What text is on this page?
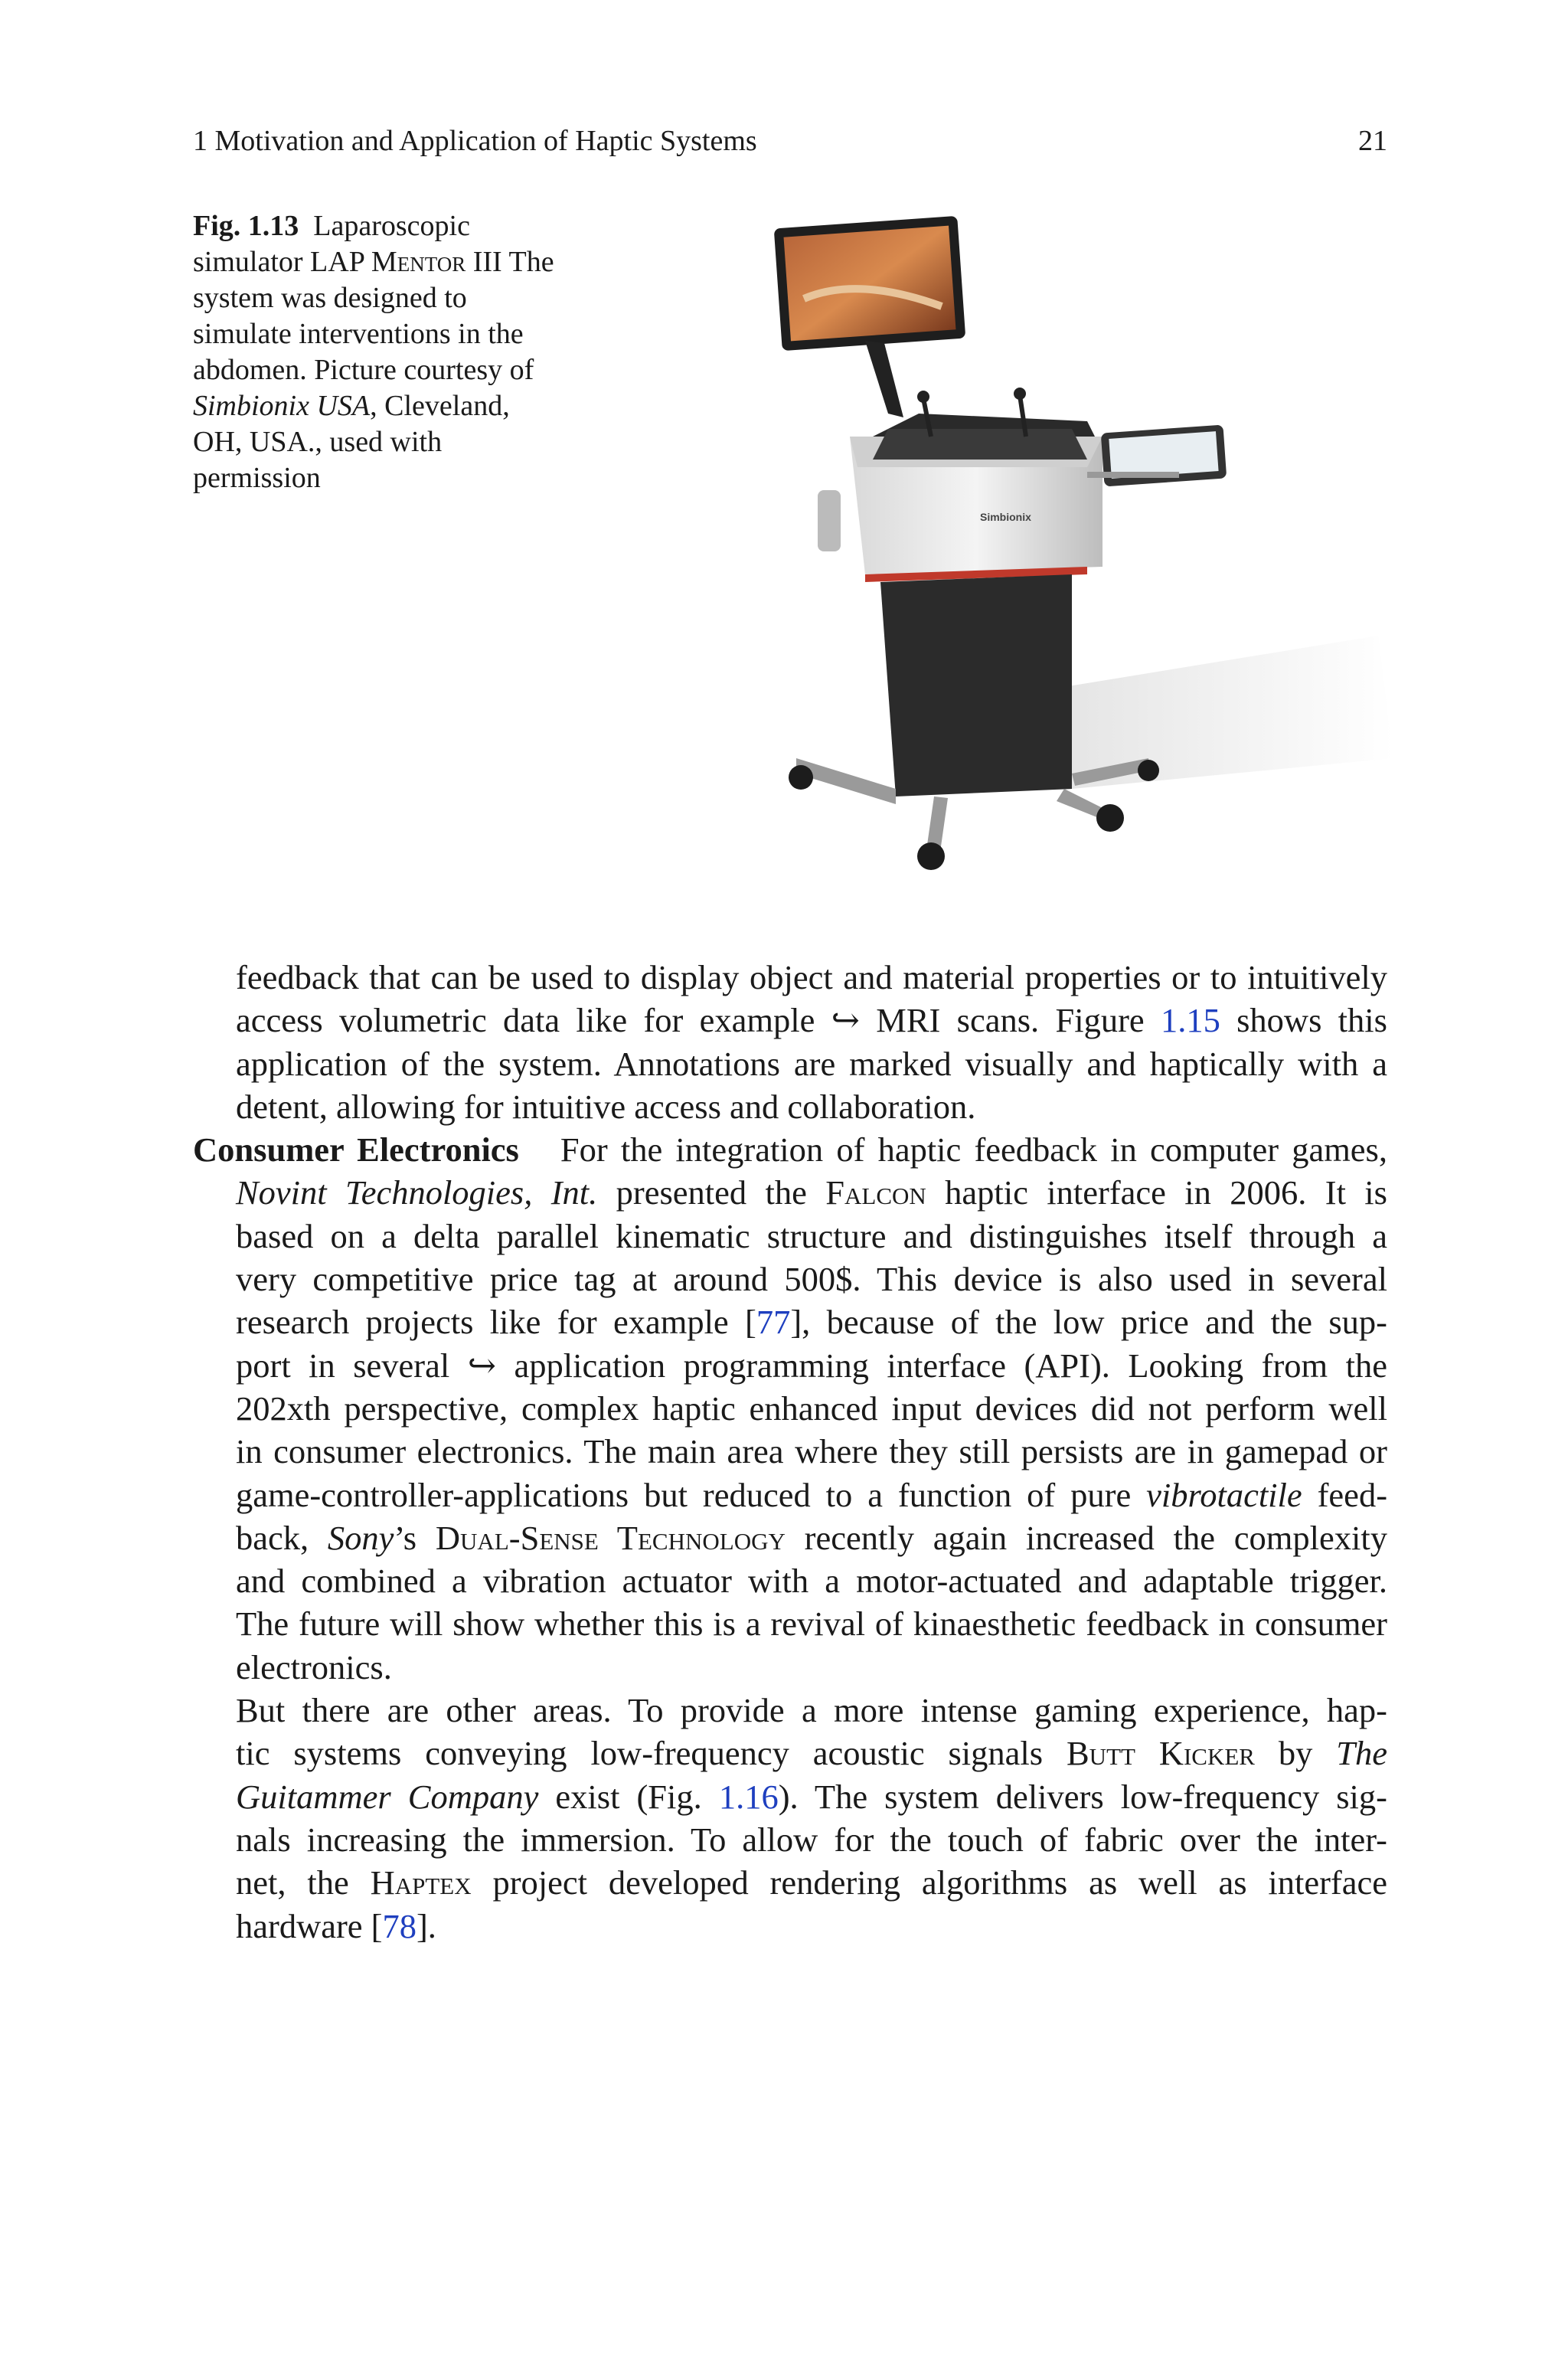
1 Motivation and Application of Haptic Systems	21
Fig. 1.13 Laparoscopic simulator LAP Mentor III The system was designed to simulate interventions in the abdomen. Picture courtesy of Simbionix USA, Cleveland, OH, USA., used with permission
Simbionix
feedback that can be used to display object and material properties or to intuitively
access volumetric data like for example ↪ MRI scans. Figure 1.15 shows this
application of the system. Annotations are marked visually and haptically with a
detent, allowing for intuitive access and collaboration.
Consumer Electronics For the integration of haptic feedback in computer games,
Novint Technologies, Int. presented the Falcon haptic interface in 2006. It is
based on a delta parallel kinematic structure and distinguishes itself through a
very competitive price tag at around 500$. This device is also used in several
research projects like for example [77], because of the low price and the sup-
port in several ↪ application programming interface (API). Looking from the
202xth perspective, complex haptic enhanced input devices did not perform well
in consumer electronics. The main area where they still persists are in gamepad or
game-controller-applications but reduced to a function of pure vibrotactile feed-
back, Sony’s Dual-Sense Technology recently again increased the complexity
and combined a vibration actuator with a motor-actuated and adaptable trigger.
The future will show whether this is a revival of kinaesthetic feedback in consumer
electronics.
But there are other areas. To provide a more intense gaming experience, hap-
tic systems conveying low-frequency acoustic signals Butt Kicker by The
Guitammer Company exist (Fig. 1.16). The system delivers low-frequency sig-
nals increasing the immersion. To allow for the touch of fabric over the inter-
net, the Haptex project developed rendering algorithms as well as interface
hardware [78].
